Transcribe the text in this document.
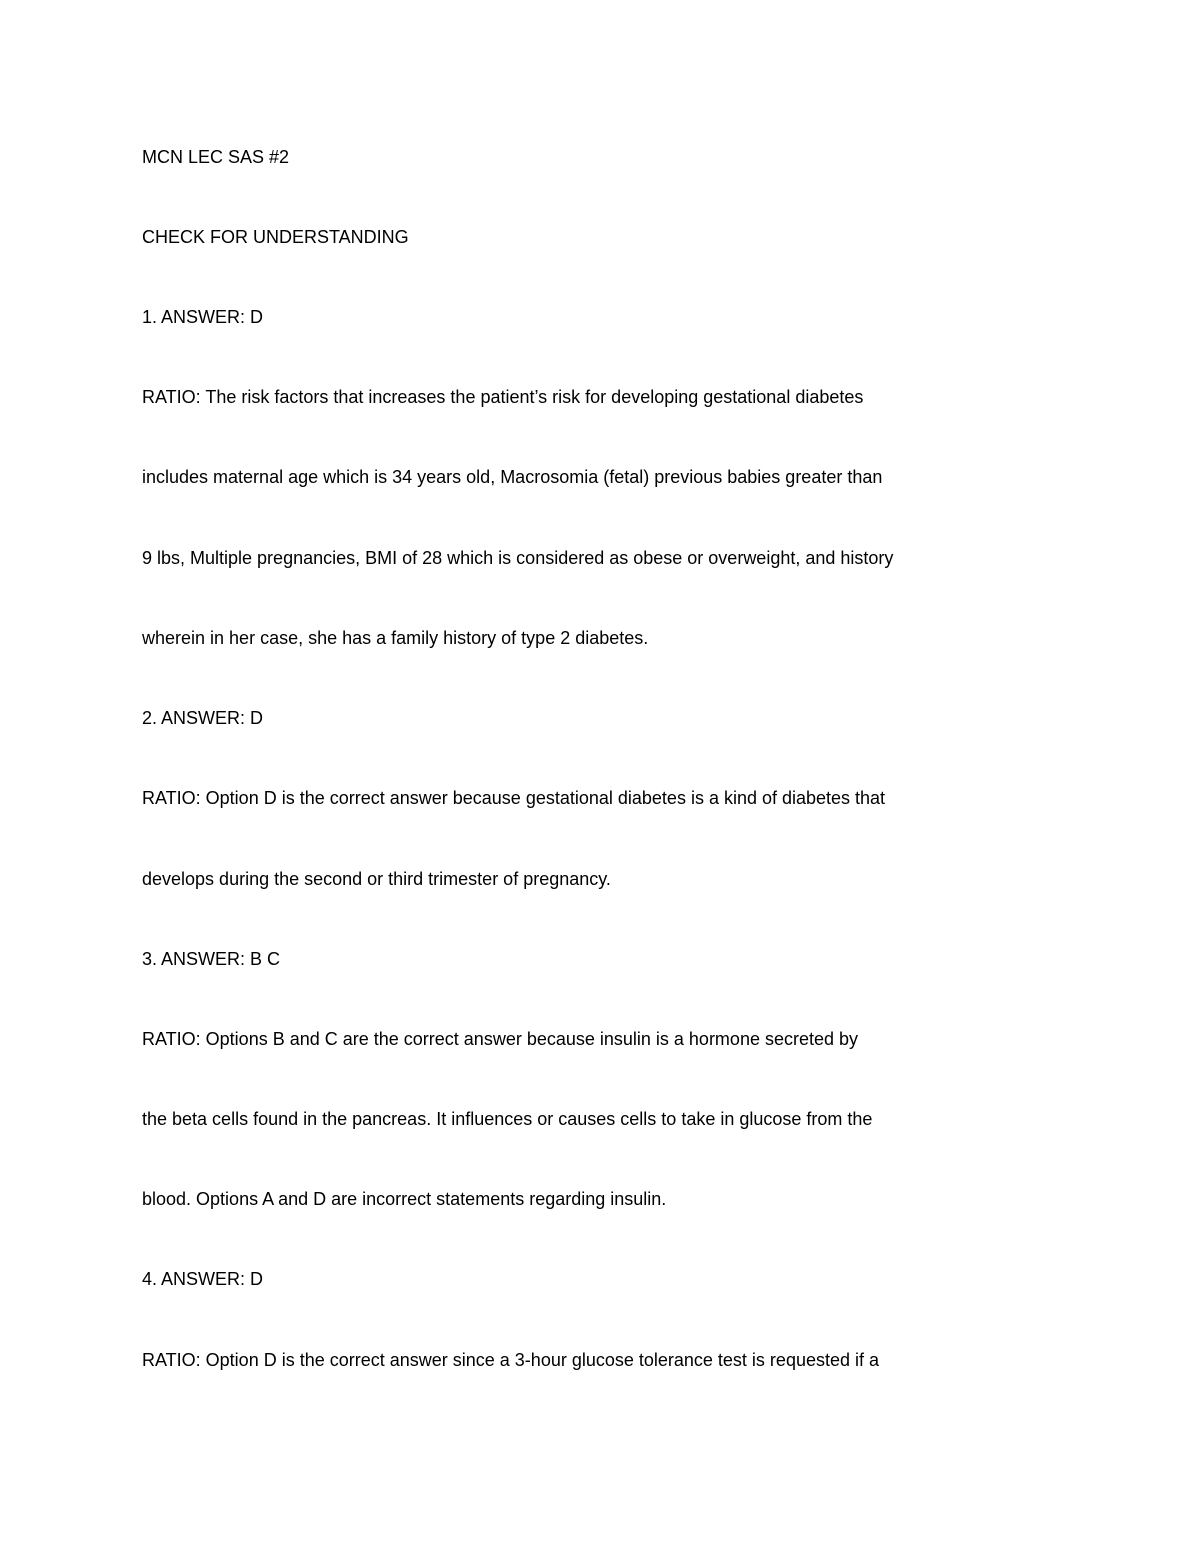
MCN LEC SAS #2
CHECK FOR UNDERSTANDING
1. ANSWER: D
RATIO: The risk factors that increases the patient’s risk for developing gestational diabetes
includes maternal age which is 34 years old, Macrosomia (fetal) previous babies greater than
9 lbs, Multiple pregnancies, BMI of 28 which is considered as obese or overweight, and history
wherein in her case, she has a family history of type 2 diabetes.
2. ANSWER: D
RATIO: Option D is the correct answer because gestational diabetes is a kind of diabetes that
develops during the second or third trimester of pregnancy.
3. ANSWER: B C
RATIO: Options B and C are the correct answer because insulin is a hormone secreted by
the beta cells found in the pancreas. It influences or causes cells to take in glucose from the
blood. Options A and D are incorrect statements regarding insulin.
4. ANSWER: D
RATIO: Option D is the correct answer since a 3-hour glucose tolerance test is requested if a
